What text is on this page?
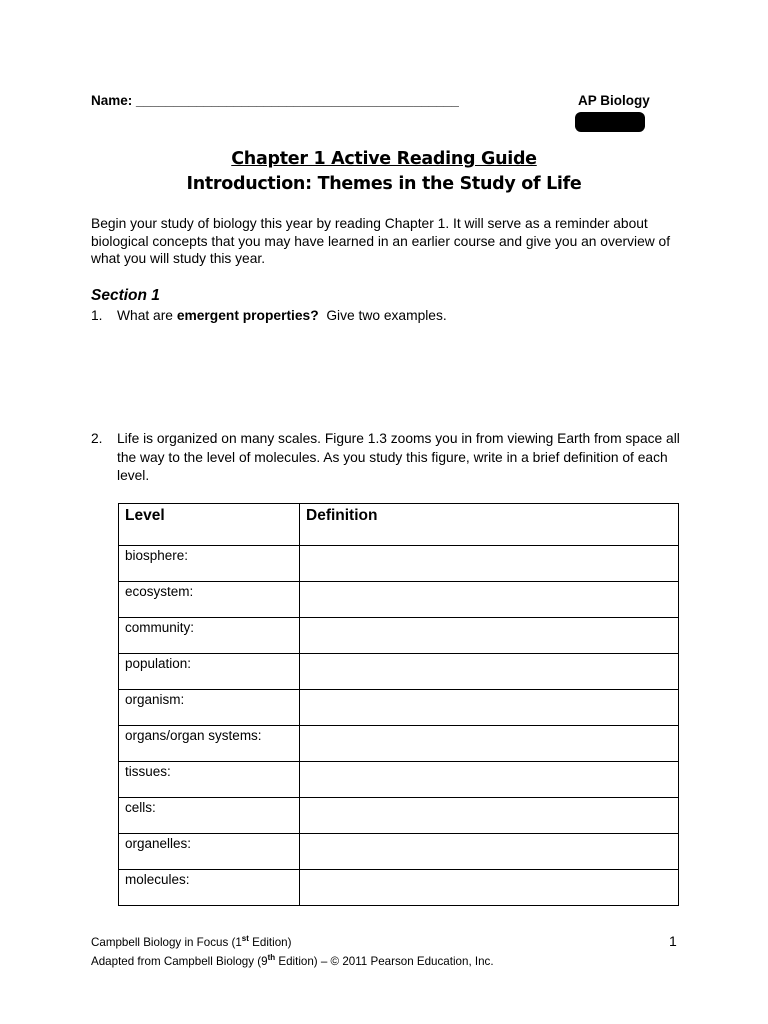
Name: ___________________________________________	AP Biology
Chapter 1 Active Reading Guide
Introduction: Themes in the Study of Life
Begin your study of biology this year by reading Chapter 1. It will serve as a reminder about biological concepts that you may have learned in an earlier course and give you an overview of what you will study this year.
Section 1
1. What are emergent properties?  Give two examples.
2. Life is organized on many scales. Figure 1.3 zooms you in from viewing Earth from space all the way to the level of molecules. As you study this figure, write in a brief definition of each level.
Level	Definition
biosphere:	
ecosystem:	
community:	
population:	
organism:	
organs/organ systems:	
tissues:	
cells:	
organelles:	
molecules:	
Campbell Biology in Focus (1st Edition)
Adapted from Campbell Biology (9th Edition) – © 2011 Pearson Education, Inc.
1
